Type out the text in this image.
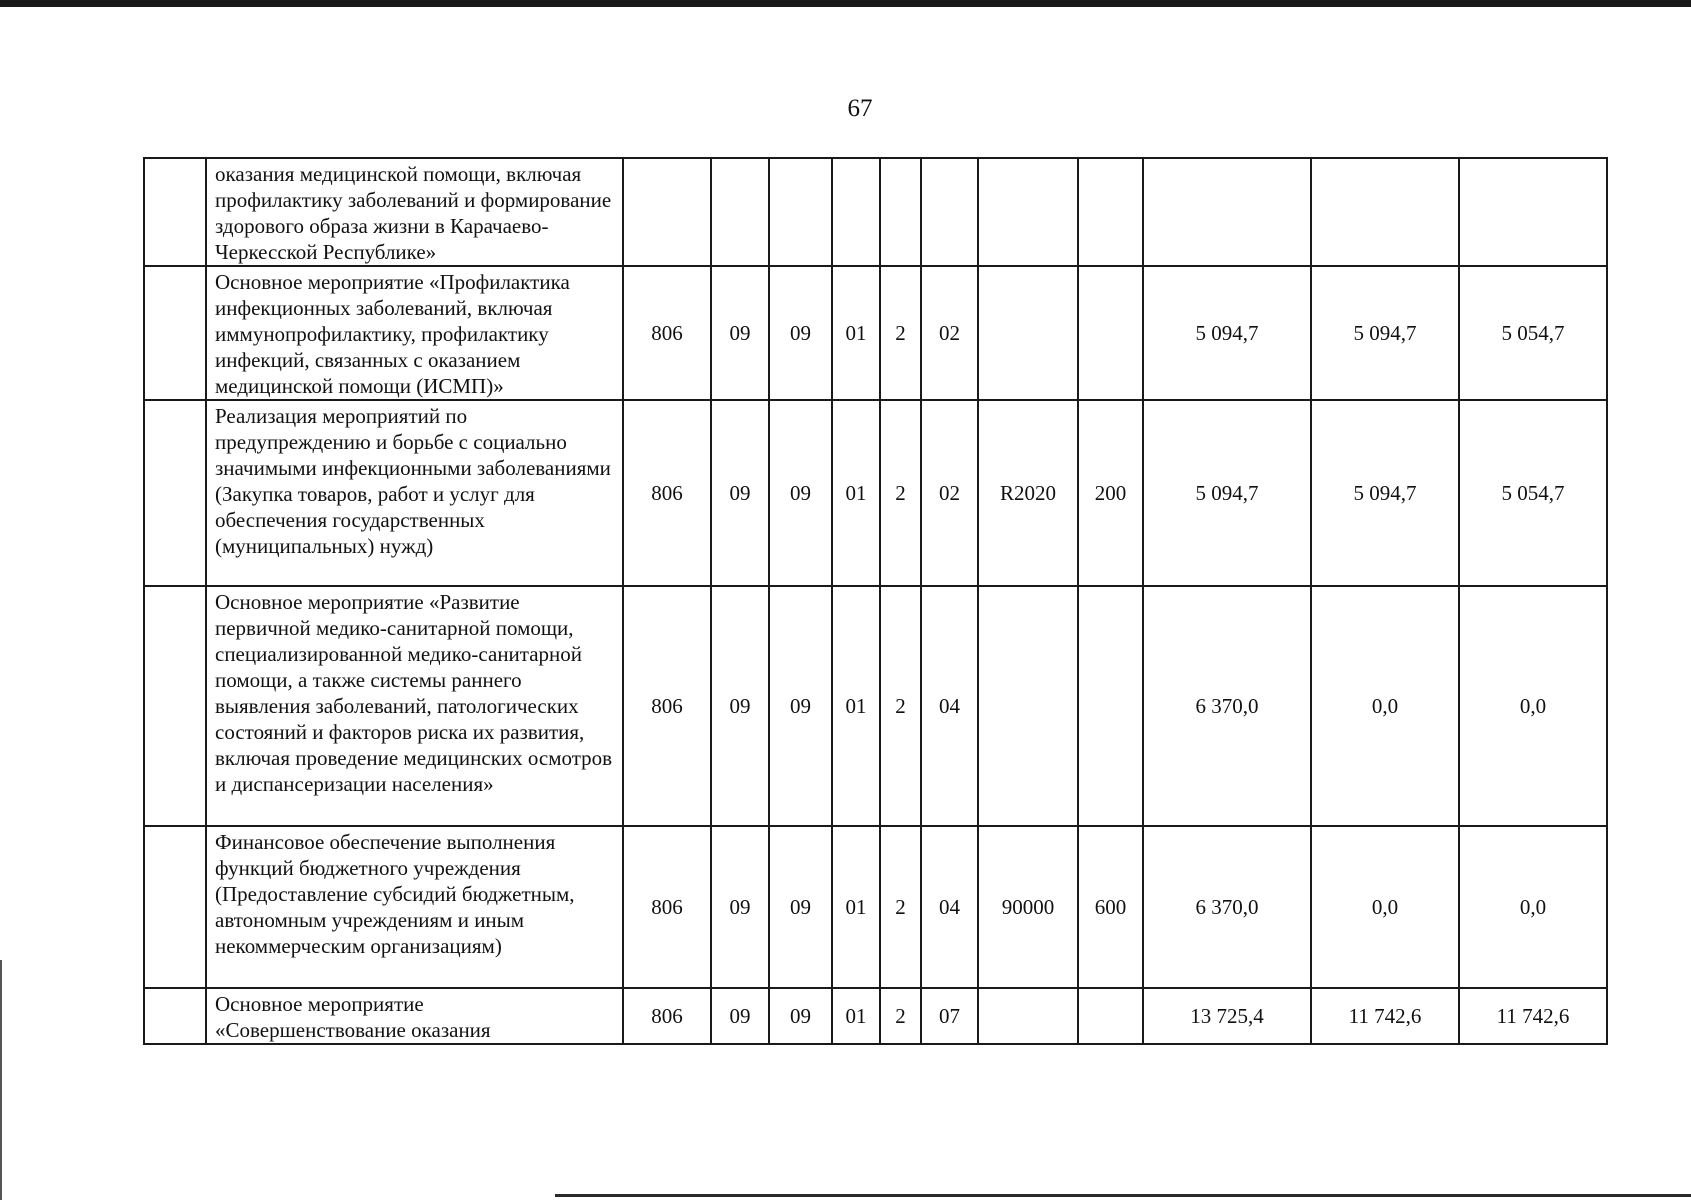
67
	оказания медицинской помощи, включая профилактику заболеваний и формирование здорового образа жизни в Карачаево-Черкесской Республике»											
	Основное мероприятие «Профилактика инфекционных заболеваний, включая иммунопрофилактику, профилактику инфекций, связанных с оказанием медицинской помощи (ИСМП)»	806	09	09	01	2	02			5 094,7	5 094,7	5 054,7
	Реализация мероприятий по предупреждению и борьбе с социально значимыми инфекционными заболеваниями (Закупка товаров, работ и услуг для обеспечения государственных (муниципальных) нужд)	806	09	09	01	2	02	R2020	200	5 094,7	5 094,7	5 054,7
	Основное мероприятие «Развитие первичной медико-санитарной помощи, специализированной медико-санитарной помощи, а также системы раннего выявления заболеваний, патологических состояний и факторов риска их развития, включая проведение медицинских осмотров и диспансеризации населения»	806	09	09	01	2	04			6 370,0	0,0	0,0
	Финансовое обеспечение выполнения функций бюджетного учреждения (Предоставление субсидий бюджетным, автономным учреждениям и иным некоммерческим организациям)	806	09	09	01	2	04	90000	600	6 370,0	0,0	0,0
	Основное мероприятие «Совершенствование оказания	806	09	09	01	2	07			13 725,4	11 742,6	11 742,6
